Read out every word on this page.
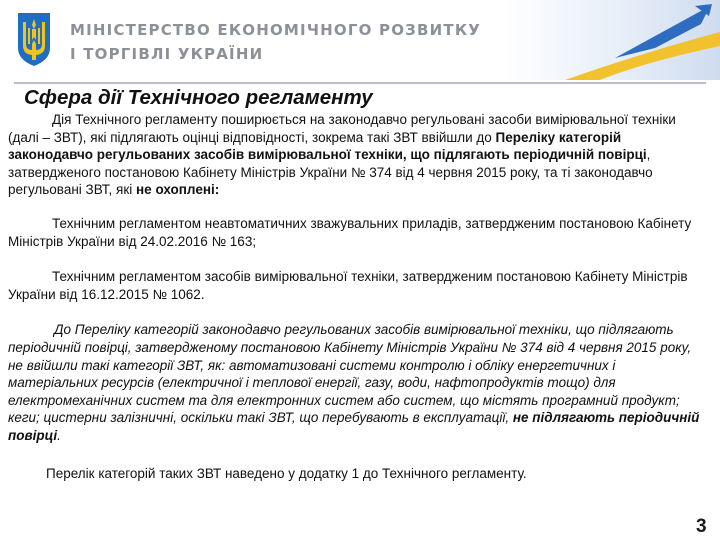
МІНІСТЕРСТВО ЕКОНОМІЧНОГО РОЗВИТКУ
І ТОРГІВЛІ УКРАЇНИ
Сфера дії Технічного регламенту

Дія Технічного регламенту поширюється на законодавчо регульовані засоби вимірювальної техніки (далі – ЗВТ), які підлягають оцінці відповідності, зокрема такі ЗВТ ввійшли до Переліку категорій законодавчо регульованих засобів вимірювальної техніки, що підлягають періодичній повірці, затвердженого постановою Кабінету Міністрів України № 374 від 4 червня 2015 року, та ті законодавчо регульовані ЗВТ, які не охоплені:

Технічним регламентом неавтоматичних зважувальних приладів, затвердженим постановою Кабінету Міністрів України від 24.02.2016 № 163;

Технічним регламентом засобів вимірювальної техніки, затвердженим постановою Кабінету Міністрів України від 16.12.2015 № 1062.

До Переліку категорій законодавчо регульованих засобів вимірювальної техніки, що підлягають періодичній повірці, затвердженому постановою Кабінету Міністрів України № 374 від 4 червня 2015 року, не ввійшли такі категорії ЗВТ, як: автоматизовані системи контролю і обліку енергетичних і матеріальних ресурсів (електричної і теплової енергії, газу, води, нафтопродуктів тощо) для електромеханічних систем та для електронних систем або систем, що містять програмний продукт; кеги; цистерни залізничні, оскільки такі ЗВТ, що перебувають в експлуатації, не підлягають періодичній повірці.

Перелік категорій таких ЗВТ наведено у додатку 1 до Технічного регламенту.

3
